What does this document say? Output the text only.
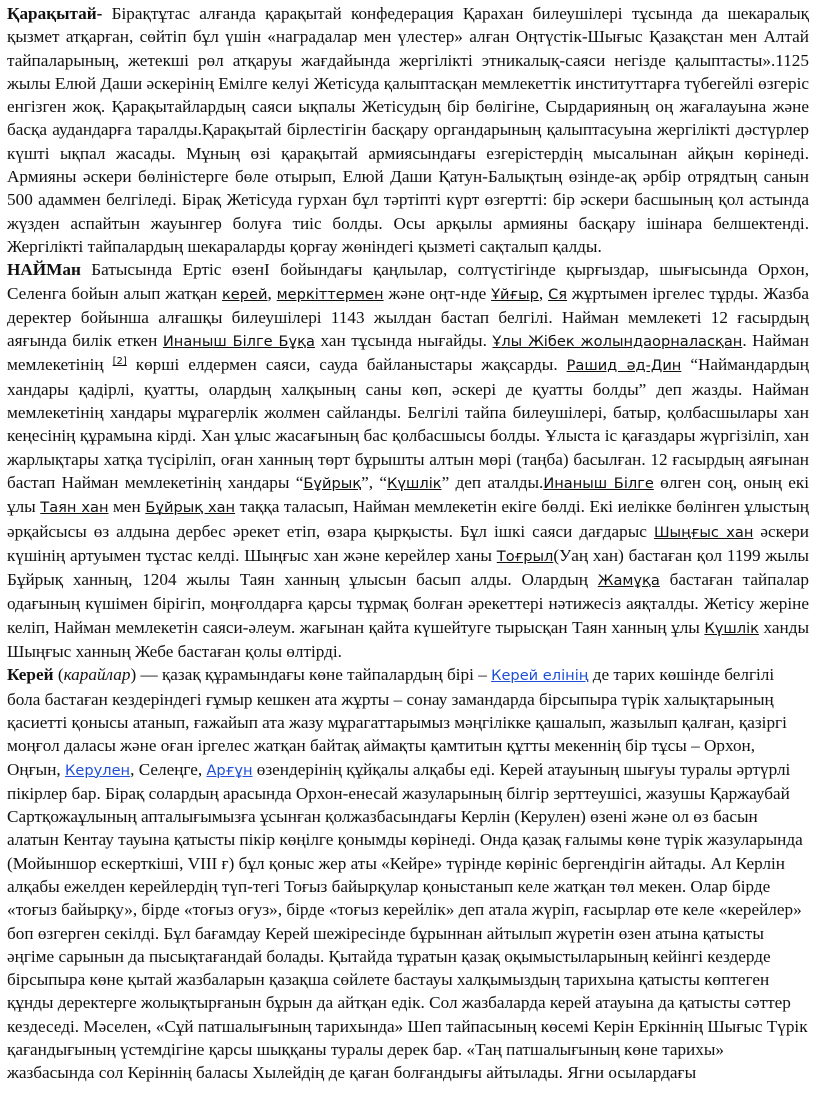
Қарақытай- Бірақтұтас алғанда қарақытай конфедерация Қарахан билеушілері тұсында да шекаралық қызмет атқарған, сөйтіп бұл үшін «наградалар мен үлестер» алған Оңтүстік-Шығыс Қазақстан мен Алтай тайпаларының, жетекші рөл атқаруы жағдайында жергілікті этникалық-саяси негізде қалыптасты».1125 жылы Елюй Даши әскерінің Емілге келуі Жетісуда қалыптасқан мемлекеттік институттарға түбегейлі өзгеріс енгізген жоқ. Қарақытайлардың саяси ықпалы Жетісудың бір бөлігіне, Сырдарияның оң жағалауына және басқа аудандарға таралды.Қарақытай бірлестігін басқару органдарының қалыптасуына жергілікті дәстүрлер күшті ықпал жасады. Мұның өзі қарақытай армиясындағы езгерістердің мысалынан айқын көрінеді. Армияны әскери бөліністерге бөле отырып, Елюй Даши Қатун-Балықтың өзінде-ақ әрбір отрядтың санын 500 адаммен белгіледі. Бірақ Жетісуда гурхан бұл тәртіпті күрт өзгертті: бір әскери басшының қол астында жүзден аспайтын жауынгер болуға тиіс болды. Осы арқылы армияны басқару ішінара белшектенді. Жергілікті тайпалардың шекараларды қорғау жөніндегі қызметі сақталып қалды.

НАЙМан Батысында Ертіс өзенІ бойындағы қаңлылар, солтүстігінде қырғыздар, шығысында Орхон, Селенга бойын алып жатқан керей, меркіттермен және оңт-нде Ұйғыр, Ся жұртымен іргелес тұрды. Жазба деректер бойынша алғашқы билеушілері 1143 жылдан бастап белгілі. Найман мемлекеті 12 ғасырдың аяғында билік еткен Инаныш Білге Бұқа хан тұсында нығайды. Ұлы Жібек жолындаорналасқан. Найман мемлекетінің [2] көрші елдермен саяси, сауда байланыстары жақсарды. Рашид әд-Дин “Наймандардың хандары қадірлі, қуатты, олардың халқының саны көп, әскері де қуатты болды” деп жазды. Найман мемлекетінің хандары мұрагерлік жолмен сайланды. Белгілі тайпа билеушілері, батыр, қолбасшылары хан кеңесінің құрамына кірді. Хан ұлыс жасағының бас қолбасшысы болды. Ұлыста іс қағаздары жүргізіліп, хан жарлықтары хатқа түсіріліп, оған ханның төрт бұрышты алтын мөрі (таңба) басылған. 12 ғасырдың аяғынан бастап Найман мемлекетінің хандары “Бұйрық”, “Күшлік” деп аталды.Инаныш Білге өлген соң, оның екі ұлы Таян хан мен Бұйрық хан таққа таласып, Найман мемлекетін екіге бөлді. Екі иелікке бөлінген ұлыстың әрқайсысы өз алдына дербес әрекет етіп, өзара қырқысты. Бұл ішкі саяси дағдарыс Шыңғыс хан әскери күшінің артуымен тұстас келді. Шыңғыс хан және керейлер ханы Тоғрыл(Уаң хан) бастаған қол 1199 жылы Бұйрық ханның, 1204 жылы Таян ханның ұлысын басып алды. Олардың Жамұқа бастаған тайпалар одағының күшімен бірігіп, моңғолдарға қарсы тұрмақ болған әрекеттері нәтижесіз аяқталды. Жетісу жеріне келіп, Найман мемлекетін саяси-әлеум. жағынан қайта күшейтуге тырысқан Таян ханның ұлы Күшлік ханды Шыңғыс ханның Жебе бастаған қолы өлтірді.

Керей (карайлар) — қазақ құрамындағы көне тайпалардың бірі – Керей елінің де тарих көшінде белгілі бола бастаған кездеріндегі ғұмыр кешкен ата жұрты – сонау замандарда бірсыпыра түрік халықтарының қасиетті қонысы атанып, ғажайып ата жазу мұрагаттарымыз мәңгілікке қашалып, жазылып қалған, қазіргі моңғол даласы және оған іргелес жатқан байтақ аймақты қамтитын құтты мекеннің бір тұсы – Орхон, Оңғын, Керулен, Селеңге, Арғұн өзендерінің құйқалы алқабы еді. Керей атауының шығуы туралы әртүрлі пікірлер бар. Бірақ солардың арасында Орхон-енесай жазуларының білгір зерттеушісі, жазушы Қаржаубай Сартқожаұлының апталығымызға ұсынған қолжазбасындағы Керлін (Керулен) өзені және ол өз басын алатын Кентау тауына қатысты пікір көңілге қонымды көрінеді. Онда қазақ ғалымы көне түрік жазуларында (Мойыншор ескерткіші, VIII ғ) бұл қоныс жер аты «Кейре» түрінде көрініс бергендігін айтады. Ал Керлін алқабы ежелден керейлердің түп-тегі Тоғыз байырқулар қоныстанып келе жатқан төл мекен. Олар бірде «тоғыз байырқу», бірде «тоғыз оғуз», бірде «тоғыз керейлік» деп атала жүріп, ғасырлар өте келе «керейлер» боп өзгерген секілді. Бұл бағамдау Керей шежіресінде бұрыннан айтылып жүретін өзен атына қатысты әңгіме сарынын да пысықтағандай болады. Қытайда тұратын қазақ оқымыстыларының кейінгі кездерде бірсыпыра көне қытай жазбаларын қазақша сөйлете бастауы халқымыздың тарихына қатысты көптеген құнды деректерге жолықтырғанын бұрын да айтқан едік. Сол жазбаларда керей атауына да қатысты сәттер кездеседі. Мәселен, «Сұй патшалығының тарихында» Шеп тайпасының көсемі Керін Еркіннің Шығыс Түрік қағандығының үстемдігіне қарсы шыққаны туралы дерек бар. «Таң патшалығының көне тарихы» жазбасында сол Керіннің баласы Хылейдің де қаған болғандығы айтылады. Ягни осылардағы
